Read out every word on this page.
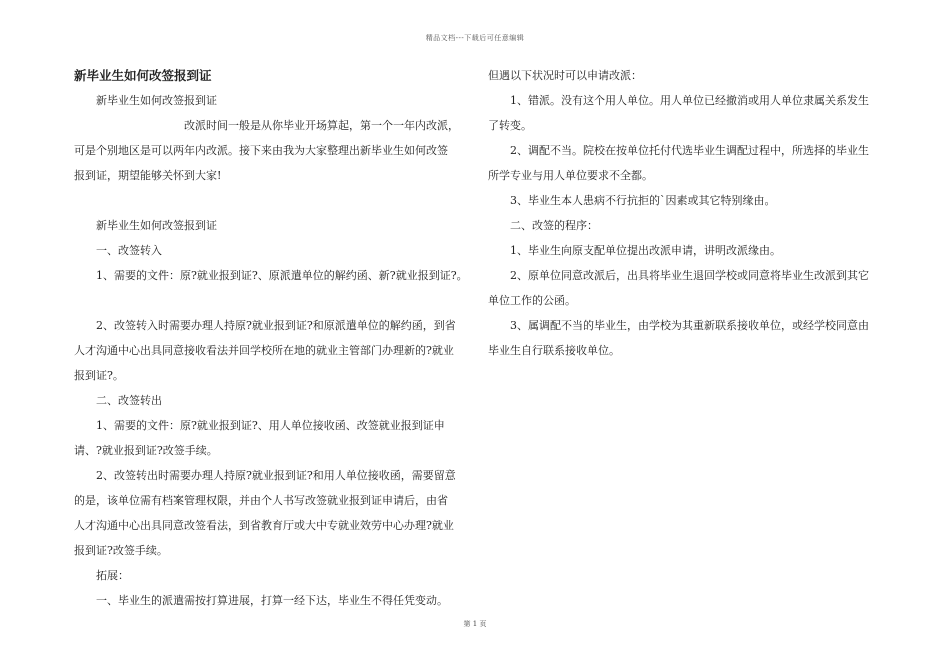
精品文档---下载后可任意编辑
新毕业生如何改签报到证
新毕业生如何改签报到证
改派时间一般是从你毕业开场算起，第一个一年内改派，
可是个别地区是可以两年内改派。接下来由我为大家整理出新毕业生如何改签
报到证，期望能够关怀到大家!
新毕业生如何改签报到证
一、改签转入
1、需要的文件：原?就业报到证?、原派遣单位的解约函、新?就业报到证?。
2、改签转入时需要办理人持原?就业报到证?和原派遣单位的解约函，到省
人才沟通中心出具同意接收看法并回学校所在地的就业主管部门办理新的?就业
报到证?。
二、改签转出
1、需要的文件：原?就业报到证?、用人单位接收函、改签就业报到证申
请、?就业报到证?改签手续。
2、改签转出时需要办理人持原?就业报到证?和用人单位接收函，需要留意
的是，该单位需有档案管理权限，并由个人书写改签就业报到证申请后，由省
人才沟通中心出具同意改签看法，到省教育厅或大中专就业效劳中心办理?就业
报到证?改签手续。
拓展：
一、毕业生的派遣需按打算进展，打算一经下达，毕业生不得任凭变动。
但遇以下状况时可以申请改派：
1、错派。没有这个用人单位。用人单位已经撤消或用人单位隶属关系发生
了转变。
2、调配不当。院校在按单位托付代选毕业生调配过程中，所选择的毕业生
所学专业与用人单位要求不全都。
3、毕业生本人患病不行抗拒的`因素或其它特别缘由。
二、改签的程序：
1、毕业生向原支配单位提出改派申请，讲明改派缘由。
2、原单位同意改派后，出具将毕业生退回学校或同意将毕业生改派到其它
单位工作的公函。
3、属调配不当的毕业生，由学校为其重新联系接收单位，或经学校同意由
毕业生自行联系接收单位。
第 1 页
